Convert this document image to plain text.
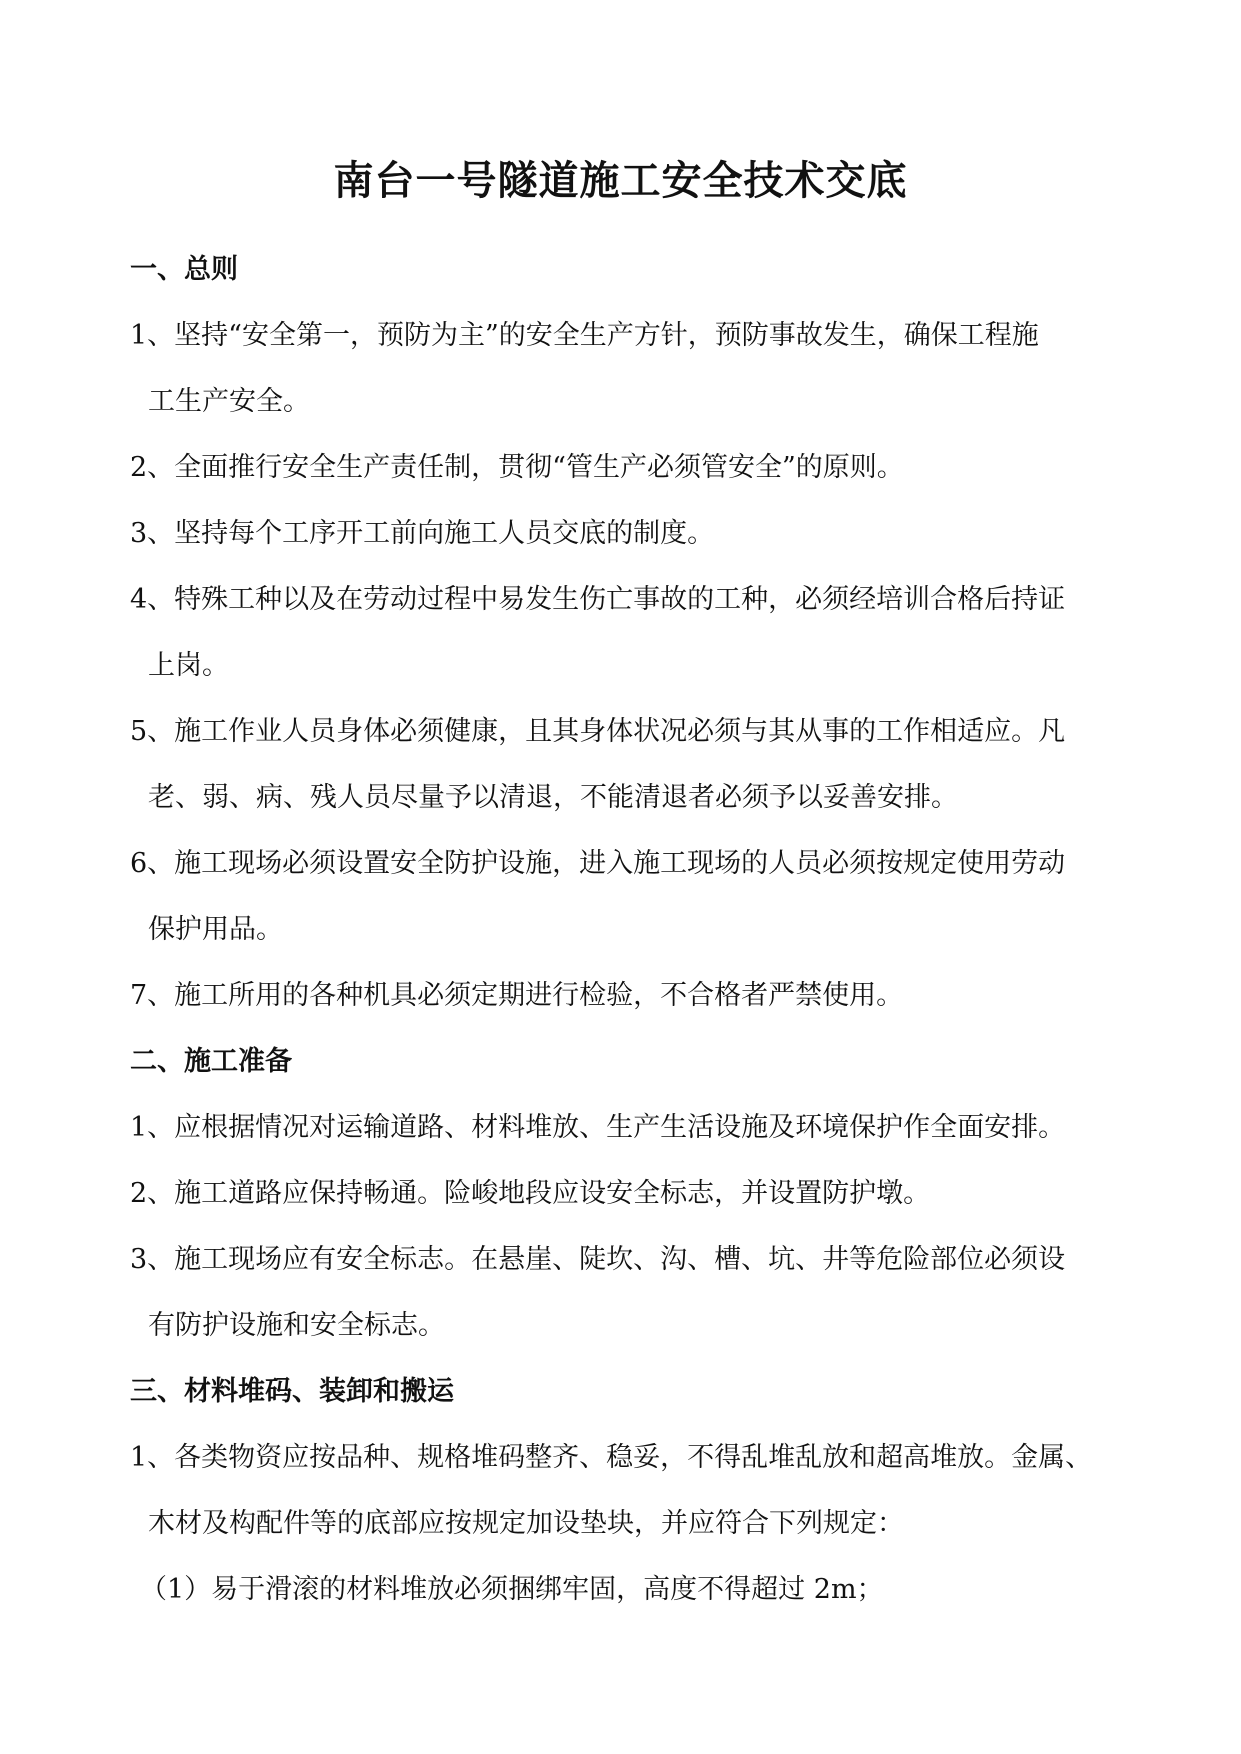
南台一号隧道施工安全技术交底
一、总则
1、坚持“安全第一，预防为主”的安全生产方针，预防事故发生，确保工程施
工生产安全。
2、全面推行安全生产责任制，贯彻“管生产必须管安全”的原则。
3、坚持每个工序开工前向施工人员交底的制度。
4、特殊工种以及在劳动过程中易发生伤亡事故的工种，必须经培训合格后持证
上岗。
5、施工作业人员身体必须健康，且其身体状况必须与其从事的工作相适应。凡
老、弱、病、残人员尽量予以清退，不能清退者必须予以妥善安排。
6、施工现场必须设置安全防护设施，进入施工现场的人员必须按规定使用劳动
保护用品。
7、施工所用的各种机具必须定期进行检验，不合格者严禁使用。
二、施工准备
1、应根据情况对运输道路、材料堆放、生产生活设施及环境保护作全面安排。
2、施工道路应保持畅通。险峻地段应设安全标志，并设置防护墩。
3、施工现场应有安全标志。在悬崖、陡坎、沟、槽、坑、井等危险部位必须设
有防护设施和安全标志。
三、材料堆码、装卸和搬运
1、各类物资应按品种、规格堆码整齐、稳妥，不得乱堆乱放和超高堆放。金属、
木材及构配件等的底部应按规定加设垫块，并应符合下列规定：
（1）易于滑滚的材料堆放必须捆绑牢固，高度不得超过 2m；
